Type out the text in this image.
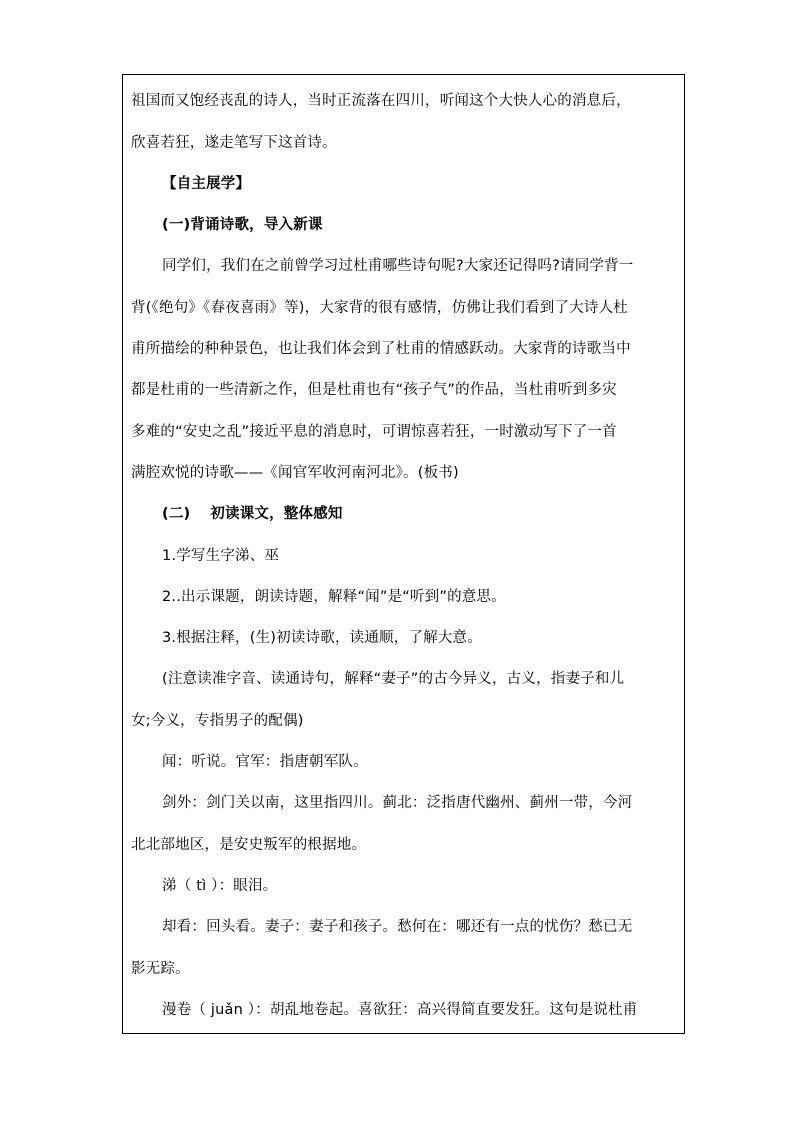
祖国而又饱经丧乱的诗人，当时正流落在四川，听闻这个大快人心的消息后，
欣喜若狂，遂走笔写下这首诗。
【自主展学】
(一)背诵诗歌，导入新课
同学们，我们在之前曾学习过杜甫哪些诗句呢?大家还记得吗?请同学背一
背(《绝句》《春夜喜雨》等)，大家背的很有感情，仿佛让我们看到了大诗人杜
甫所描绘的种种景色，也让我们体会到了杜甫的情感跃动。大家背的诗歌当中
都是杜甫的一些清新之作，但是杜甫也有“孩子气”的作品，当杜甫听到多灾
多难的“安史之乱”接近平息的消息时，可谓惊喜若狂，一时激动写下了一首
满腔欢悦的诗歌——《闻官军收河南河北》。(板书)
(二)　 初读课文，整体感知
1.学写生字涕、巫
2..出示课题，朗读诗题，解释“闻”是“听到”的意思。
3.根据注释，(生)初读诗歌，读通顺，了解大意。
(注意读准字音、读通诗句，解释“妻子”的古今异义，古义，指妻子和儿
女;今义，专指男子的配偶)
闻：听说。官军：指唐朝军队。
剑外：剑门关以南，这里指四川。蓟北：泛指唐代幽州、蓟州一带，今河
北北部地区，是安史叛军的根据地。
涕（ tì ）：眼泪。
却看：回头看。妻子：妻子和孩子。愁何在：哪还有一点的忧伤？愁已无
影无踪。
漫卷（ juǎn ）：胡乱地卷起。喜欲狂：高兴得简直要发狂。这句是说杜甫
